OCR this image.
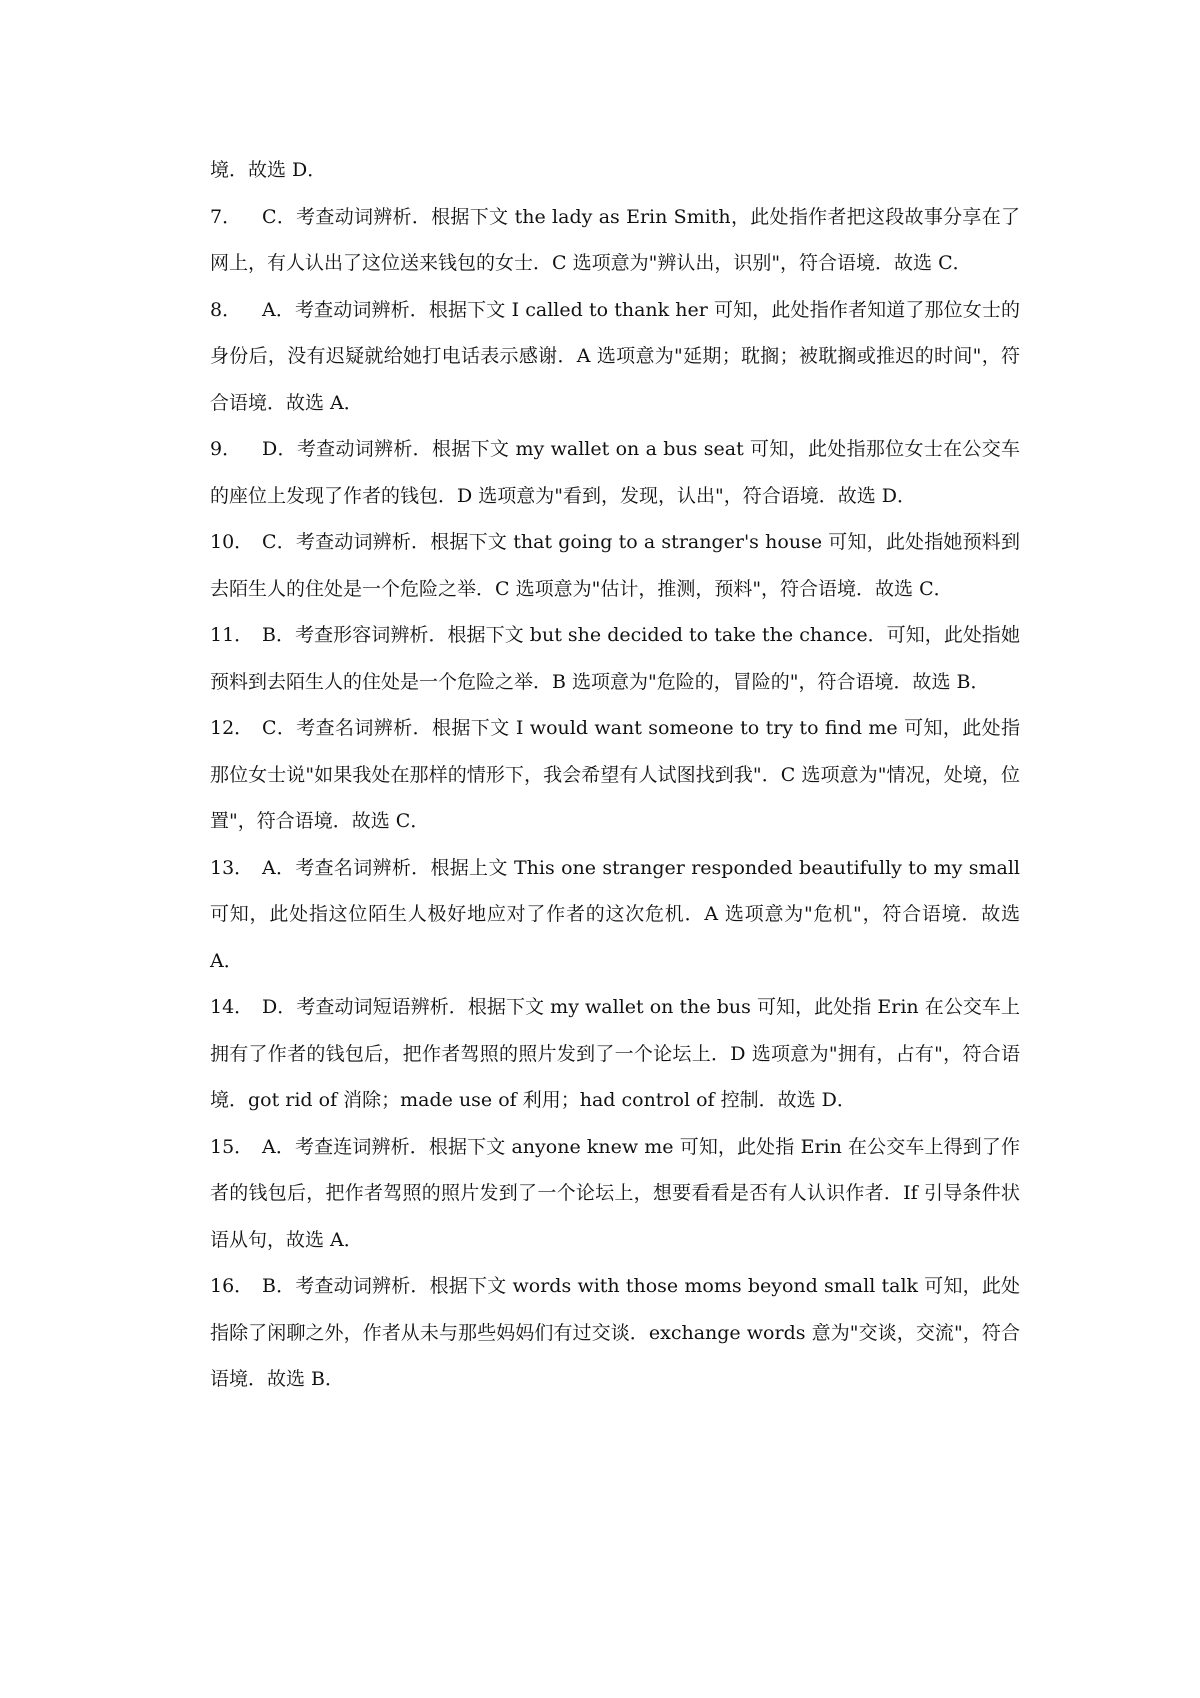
境．故选 D．

7． C．考查动词辨析．根据下文 the lady as Erin Smith，此处指作者把这段故事分享在了网上，有人认出了这位送来钱包的女士．C 选项意为"辨认出，识别"，符合语境．故选 C．

8． A．考查动词辨析．根据下文 I called to thank her 可知，此处指作者知道了那位女士的身份后，没有迟疑就给她打电话表示感谢．A 选项意为"延期；耽搁；被耽搁或推迟的时间"，符合语境．故选 A．

9． D．考查动词辨析．根据下文 my wallet on a bus seat 可知，此处指那位女士在公交车的座位上发现了作者的钱包．D 选项意为"看到，发现，认出"，符合语境．故选 D．

10． C．考查动词辨析．根据下文 that going to a stranger's house 可知，此处指她预料到去陌生人的住处是一个危险之举．C 选项意为"估计，推测，预料"，符合语境．故选 C．

11． B．考查形容词辨析．根据下文 but she decided to take the chance．可知，此处指她预料到去陌生人的住处是一个危险之举．B 选项意为"危险的，冒险的"，符合语境．故选 B．

12． C．考查名词辨析．根据下文 I would want someone to try to find me 可知，此处指那位女士说"如果我处在那样的情形下，我会希望有人试图找到我"．C 选项意为"情况，处境，位置"，符合语境．故选 C．

13． A．考查名词辨析．根据上文 This one stranger responded beautifully to my small 可知，此处指这位陌生人极好地应对了作者的这次危机．A 选项意为"危机"，符合语境．故选 A．

14． D．考查动词短语辨析．根据下文 my wallet on the bus 可知，此处指 Erin 在公交车上拥有了作者的钱包后，把作者驾照的照片发到了一个论坛上．D 选项意为"拥有，占有"，符合语境．got rid of 消除；made use of 利用；had control of 控制．故选 D．

15． A．考查连词辨析．根据下文 anyone knew me 可知，此处指 Erin 在公交车上得到了作者的钱包后，把作者驾照的照片发到了一个论坛上，想要看看是否有人认识作者．If 引导条件状语从句，故选 A．

16． B．考查动词辨析．根据下文 words with those moms beyond small talk 可知，此处指除了闲聊之外，作者从未与那些妈妈们有过交谈．exchange words 意为"交谈，交流"，符合语境．故选 B．
